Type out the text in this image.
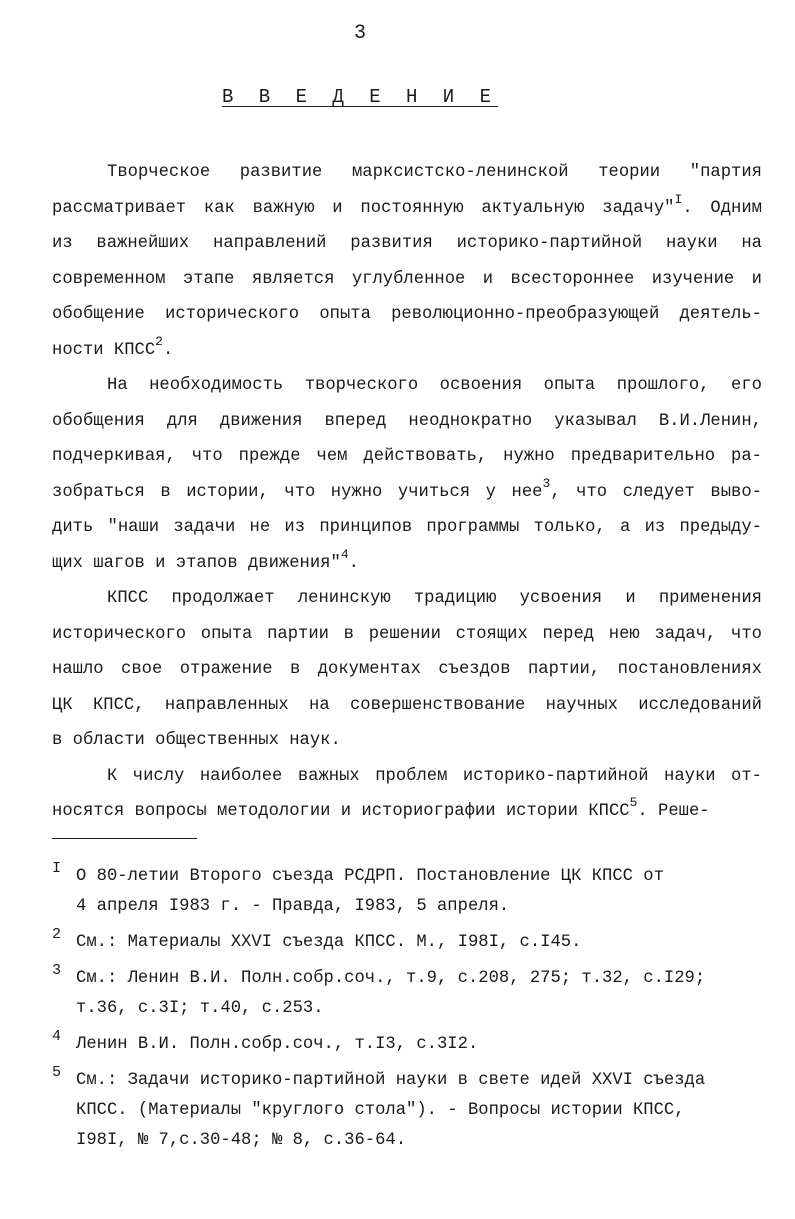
3
В В Е Д Е Н И Е
Творческое развитие марксистско-ленинской теории "партия
рассматривает как важную и постоянную актуальную задачу"$^I$. Одним
из важнейших направлений развития историко-партийной науки на
современном этапе является углубленное и всестороннее изучение и
обобщение исторического опыта революционно-преобразующей деятель-
ности КПСС$^2$.
На необходимость творческого освоения опыта прошлого, его
обобщения для движения вперед неоднократно указывал В.И.Ленин,
подчеркивая, что прежде чем действовать, нужно предварительно ра-
зобраться в истории, что нужно учиться у нее$^3$, что следует выво-
дить "наши задачи не из принципов программы только, а из предыду-
щих шагов и этапов движения"$^4$.
КПСС продолжает ленинскую традицию усвоения и применения
исторического опыта партии в решении стоящих перед нею задач, что
нашло свое отражение в документах съездов партии, постановлениях
ЦК КПСС, направленных на совершенствование научных исследований
в области общественных наук.
К числу наиболее важных проблем историко-партийной науки от-
носятся вопросы методологии и историографии истории КПСС$^5$. Реше-
I О 80-летии Второго съезда РСДРП. Постановление ЦК КПСС от
4 апреля I983 г. - Правда, I983, 5 апреля.
2 См.: Материалы XXVI съезда КПСС. М., I98I, с.I45.
3 См.: Ленин В.И. Полн.собр.соч., т.9, с.208, 275; т.32, с.I29;
т.36, с.3I; т.40, с.253.
4 Ленин В.И. Полн.собр.соч., т.I3, с.3I2.
5 См.: Задачи историко-партийной науки в свете идей XXVI съезда
КПСС. (Материалы "круглого стола"). - Вопросы истории КПСС,
I98I, № 7,с.30-48; № 8, с.36-64.
